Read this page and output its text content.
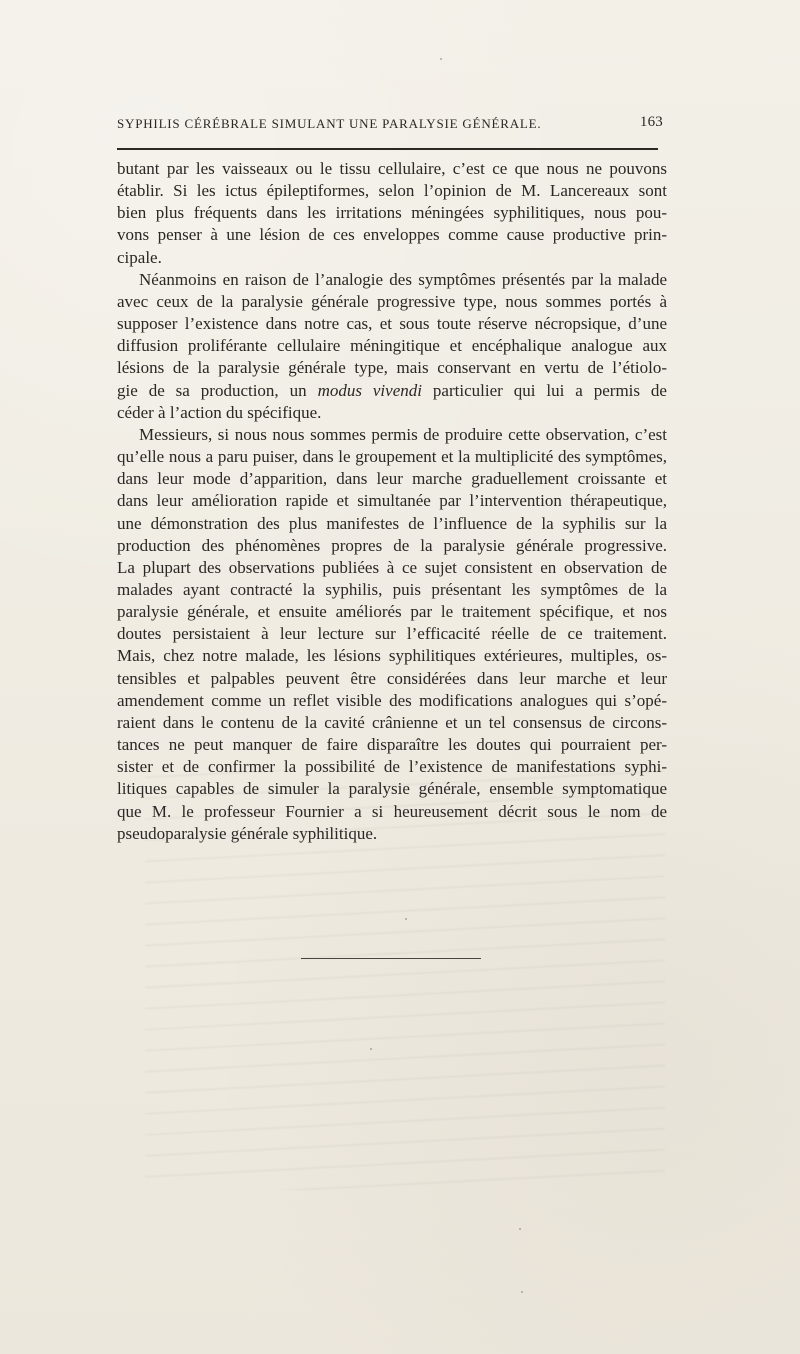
SYPHILIS CÉRÉBRALE SIMULANT UNE PARALYSIE GÉNÉRALE.	163
butant par les vaisseaux ou le tissu cellulaire, c’est ce que nous ne pouvons
établir. Si les ictus épileptiformes, selon l’opinion de M. Lancereaux sont
bien plus fréquents dans les irritations méningées syphilitiques, nous pou-
vons penser à une lésion de ces enveloppes comme cause productive prin-
cipale.
Néanmoins en raison de l’analogie des symptômes présentés par la malade
avec ceux de la paralysie générale progressive type, nous sommes portés à
supposer l’existence dans notre cas, et sous toute réserve nécropsique, d’une
diffusion proliférante cellulaire méningitique et encéphalique analogue aux
lésions de la paralysie générale type, mais conservant en vertu de l’étiolo-
gie de sa production, un modus vivendi particulier qui lui a permis de
céder à l’action du spécifique.
Messieurs, si nous nous sommes permis de produire cette observation, c’est
qu’elle nous a paru puiser, dans le groupement et la multiplicité des symptômes,
dans leur mode d’apparition, dans leur marche graduellement croissante et
dans leur amélioration rapide et simultanée par l’intervention thérapeutique,
une démonstration des plus manifestes de l’influence de la syphilis sur la
production des phénomènes propres de la paralysie générale progressive.
La plupart des observations publiées à ce sujet consistent en observation de
malades ayant contracté la syphilis, puis présentant les symptômes de la
paralysie générale, et ensuite améliorés par le traitement spécifique, et nos
doutes persistaient à leur lecture sur l’efficacité réelle de ce traitement.
Mais, chez notre malade, les lésions syphilitiques extérieures, multiples, os-
tensibles et palpables peuvent être considérées dans leur marche et leur
amendement comme un reflet visible des modifications analogues qui s’opé-
raient dans le contenu de la cavité crânienne et un tel consensus de circons-
tances ne peut manquer de faire disparaître les doutes qui pourraient per-
sister et de confirmer la possibilité de l’existence de manifestations syphi-
litiques capables de simuler la paralysie générale, ensemble symptomatique
que M. le professeur Fournier a si heureusement décrit sous le nom de
pseudoparalysie générale syphilitique.
